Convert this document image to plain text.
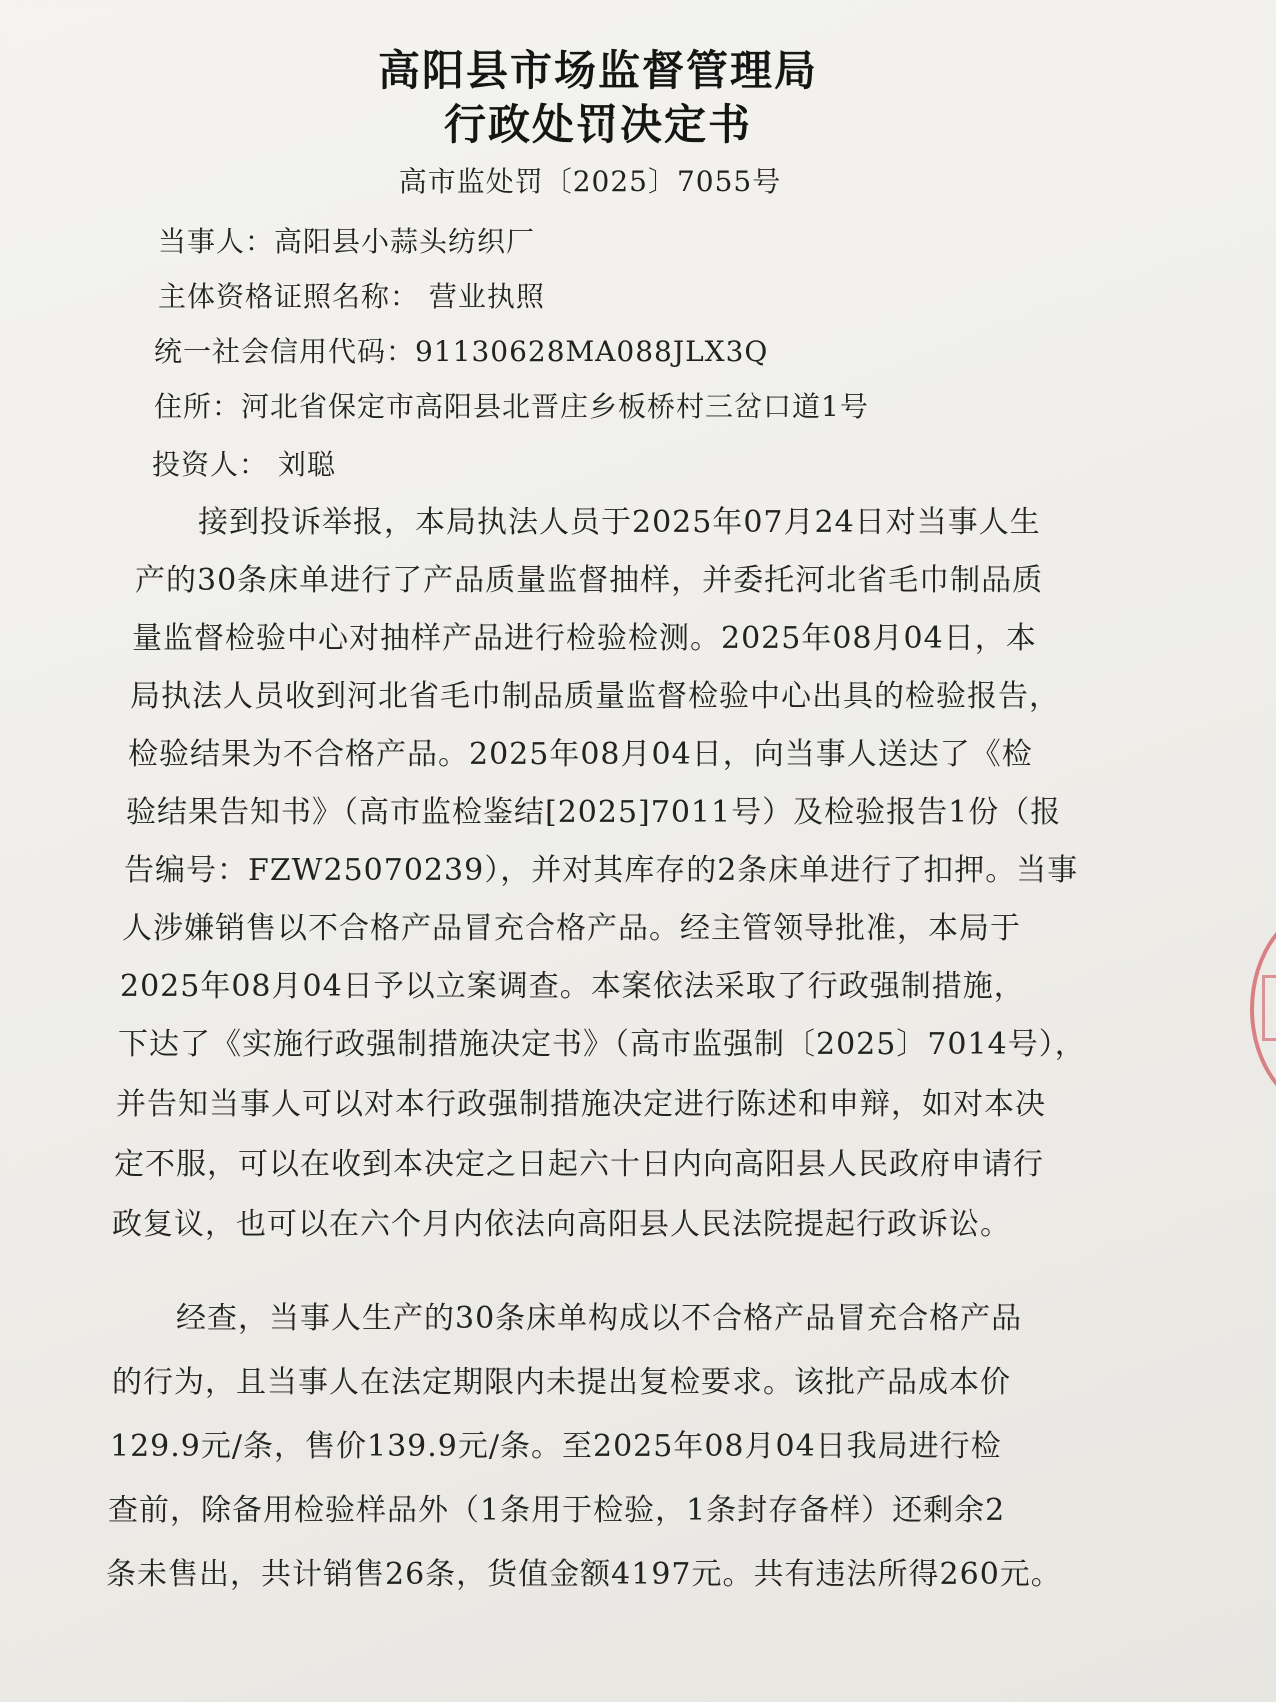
高阳县市场监督管理局
行政处罚决定书
高市监处罚〔2025〕7055号
当事人：高阳县小蒜头纺织厂
主体资格证照名称： 营业执照
统一社会信用代码：91130628MA088JLX3Q
住所：河北省保定市高阳县北晋庄乡板桥村三岔口道1号
投资人： 刘聪
接到投诉举报，本局执法人员于2025年07月24日对当事人生
产的30条床单进行了产品质量监督抽样，并委托河北省毛巾制品质
量监督检验中心对抽样产品进行检验检测。2025年08月04日，本
局执法人员收到河北省毛巾制品质量监督检验中心出具的检验报告，
检验结果为不合格产品。2025年08月04日，向当事人送达了《检
验结果告知书》（高市监检鉴结[2025]7011号）及检验报告1份（报
告编号：FZW25070239），并对其库存的2条床单进行了扣押。当事
人涉嫌销售以不合格产品冒充合格产品。经主管领导批准，本局于
2025年08月04日予以立案调查。本案依法采取了行政强制措施，
下达了《实施行政强制措施决定书》（高市监强制〔2025〕7014号），
并告知当事人可以对本行政强制措施决定进行陈述和申辩，如对本决
定不服，可以在收到本决定之日起六十日内向高阳县人民政府申请行
政复议，也可以在六个月内依法向高阳县人民法院提起行政诉讼。
经查，当事人生产的30条床单构成以不合格产品冒充合格产品
的行为，且当事人在法定期限内未提出复检要求。该批产品成本价
129.9元/条，售价139.9元/条。至2025年08月04日我局进行检
查前，除备用检验样品外（1条用于检验，1条封存备样）还剩余2
条未售出，共计销售26条，货值金额4197元。共有违法所得260元。
